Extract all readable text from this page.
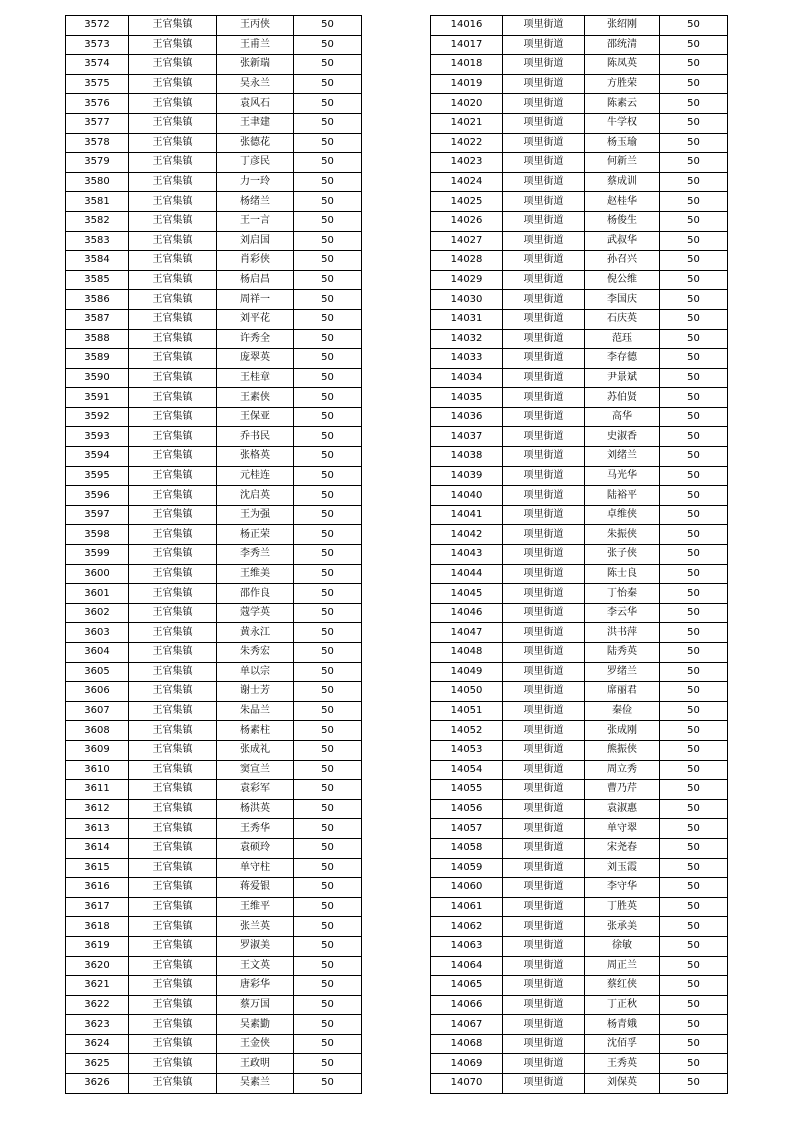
3572	王官集镇	王丙侠	50
3573	王官集镇	王甫兰	50
3574	王官集镇	张新瑞	50
3575	王官集镇	吴永兰	50
3576	王官集镇	袁风石	50
3577	王官集镇	王聿建	50
3578	王官集镇	张德花	50
3579	王官集镇	丁彦民	50
3580	王官集镇	力一玲	50
3581	王官集镇	杨绪兰	50
3582	王官集镇	王一言	50
3583	王官集镇	刘启国	50
3584	王官集镇	肖彩侠	50
3585	王官集镇	杨启昌	50
3586	王官集镇	周祥一	50
3587	王官集镇	刘平花	50
3588	王官集镇	许秀全	50
3589	王官集镇	庞翠英	50
3590	王官集镇	王桂章	50
3591	王官集镇	王素侠	50
3592	王官集镇	王保亚	50
3593	王官集镇	乔书民	50
3594	王官集镇	张格英	50
3595	王官集镇	元桂连	50
3596	王官集镇	沈启英	50
3597	王官集镇	王为强	50
3598	王官集镇	杨正荣	50
3599	王官集镇	李秀兰	50
3600	王官集镇	王维美	50
3601	王官集镇	邵作良	50
3602	王官集镇	蔻学英	50
3603	王官集镇	黄永江	50
3604	王官集镇	朱秀宏	50
3605	王官集镇	单以宗	50
3606	王官集镇	谢士芳	50
3607	王官集镇	朱品兰	50
3608	王官集镇	杨素柱	50
3609	王官集镇	张成礼	50
3610	王官集镇	窦宣兰	50
3611	王官集镇	袁彩军	50
3612	王官集镇	杨洪英	50
3613	王官集镇	王秀华	50
3614	王官集镇	袁硕玲	50
3615	王官集镇	单守柱	50
3616	王官集镇	蒋爱银	50
3617	王官集镇	王维平	50
3618	王官集镇	张兰英	50
3619	王官集镇	罗淑美	50
3620	王官集镇	王文英	50
3621	王官集镇	唐彩华	50
3622	王官集镇	蔡万国	50
3623	王官集镇	吴素勤	50
3624	王官集镇	王金侠	50
3625	王官集镇	王政明	50
3626	王官集镇	吴素兰	50
14016	项里街道	张绍刚	50
14017	项里街道	邵统清	50
14018	项里街道	陈凤英	50
14019	项里街道	方胜荣	50
14020	项里街道	陈素云	50
14021	项里街道	牛学权	50
14022	项里街道	杨玉瑜	50
14023	项里街道	何新兰	50
14024	项里街道	蔡成训	50
14025	项里街道	赵桂华	50
14026	项里街道	杨俊生	50
14027	项里街道	武叔华	50
14028	项里街道	孙召兴	50
14029	项里街道	倪公维	50
14030	项里街道	李国庆	50
14031	项里街道	石庆英	50
14032	项里街道	范珏	50
14033	项里街道	李存德	50
14034	项里街道	尹景斌	50
14035	项里街道	苏伯贤	50
14036	项里街道	高华	50
14037	项里街道	史淑香	50
14038	项里街道	刘绪兰	50
14039	项里街道	马光华	50
14040	项里街道	陆裕平	50
14041	项里街道	卓维侠	50
14042	项里街道	朱振侠	50
14043	项里街道	张子侠	50
14044	项里街道	陈士良	50
14045	项里街道	丁怡秦	50
14046	项里街道	李云华	50
14047	项里街道	洪书萍	50
14048	项里街道	陆秀英	50
14049	项里街道	罗绪兰	50
14050	项里街道	席丽君	50
14051	项里街道	秦俭	50
14052	项里街道	张成刚	50
14053	项里街道	熊振侠	50
14054	项里街道	周立秀	50
14055	项里街道	曹乃芹	50
14056	项里街道	袁淑惠	50
14057	项里街道	单守翠	50
14058	项里街道	宋尧春	50
14059	项里街道	刘玉霞	50
14060	项里街道	李守华	50
14061	项里街道	丁胜英	50
14062	项里街道	张承美	50
14063	项里街道	徐敏	50
14064	项里街道	周正兰	50
14065	项里街道	蔡红侠	50
14066	项里街道	丁正秋	50
14067	项里街道	杨青娥	50
14068	项里街道	沈佰孚	50
14069	项里街道	王秀英	50
14070	项里街道	刘保英	50
